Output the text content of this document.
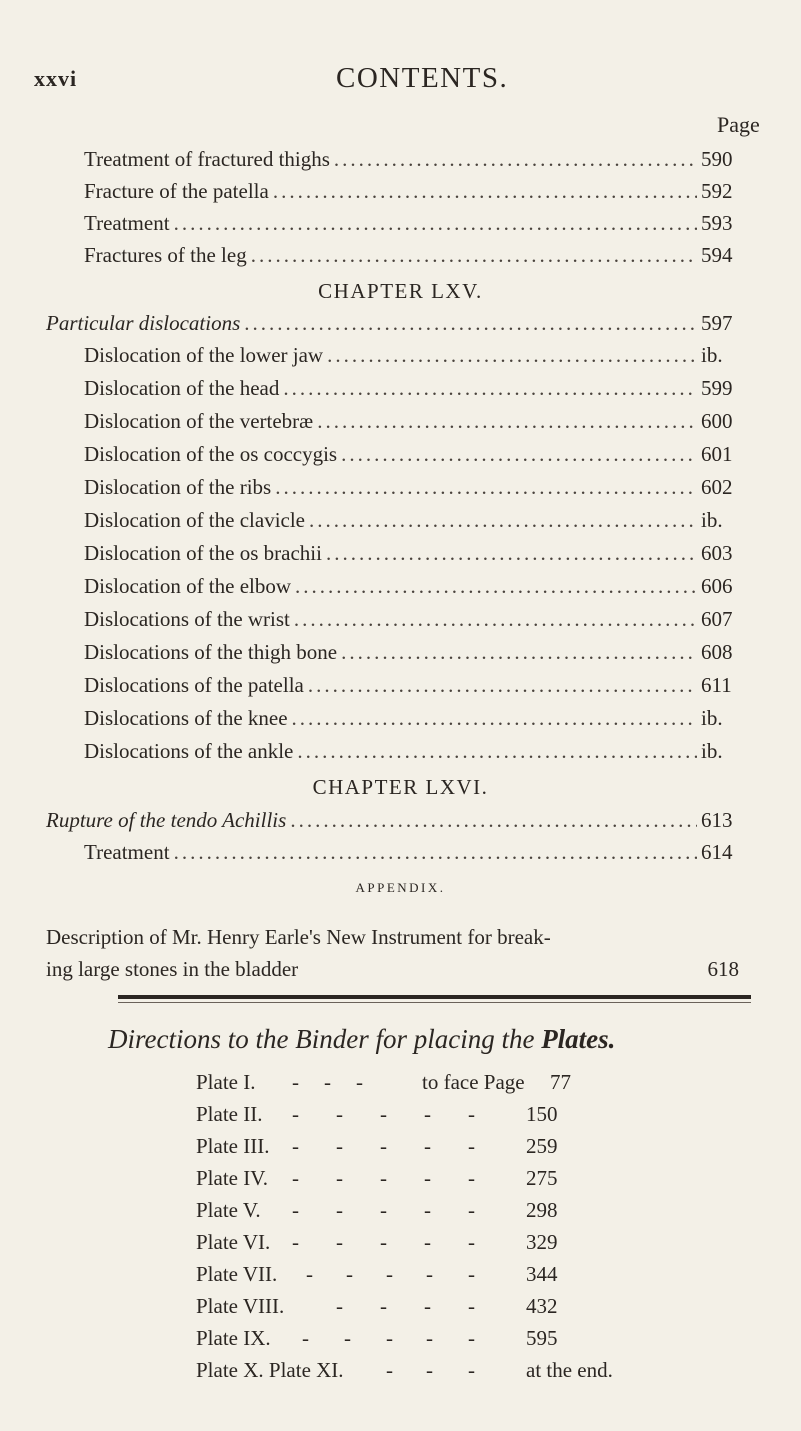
xxvi	CONTENTS.
Page
Treatment of fractured thighs .....	590
Fracture of the patella .....	592
Treatment .....	593
Fractures of the leg .....	594
CHAPTER LXV.
Particular dislocations .....	597
Dislocation of the lower jaw .....	ib.
Dislocation of the head .....	599
Dislocation of the vertebræ .....	600
Dislocation of the os coccygis .....	601
Dislocation of the ribs .....	602
Dislocation of the clavicle .....	ib.
Dislocation of the os brachii .....	603
Dislocation of the elbow .....	606
Dislocations of the wrist .....	607
Dislocations of the thigh bone .....	608
Dislocations of the patella .....	611
Dislocations of the knee .....	ib.
Dislocations of the ankle .....	ib.
CHAPTER LXVI.
Rupture of the tendo Achillis .....	613
Treatment .....	614
APPENDIX.
Description of Mr. Henry Earle's New Instrument for break-
ing large stones in the bladder	618
Directions to the Binder for placing the Plates.
Plate I. - - -	to face Page 77
Plate II. - - - - - 150
Plate III. - - - - - 259
Plate IV. - - - - - 275
Plate V. - - - - - 298
Plate VI. - - - - - 329
Plate VII. - - - - - 344
Plate VIII. - - - - 432
Plate IX. - - - - - 595
Plate X. Plate XI. - - - at the end.
